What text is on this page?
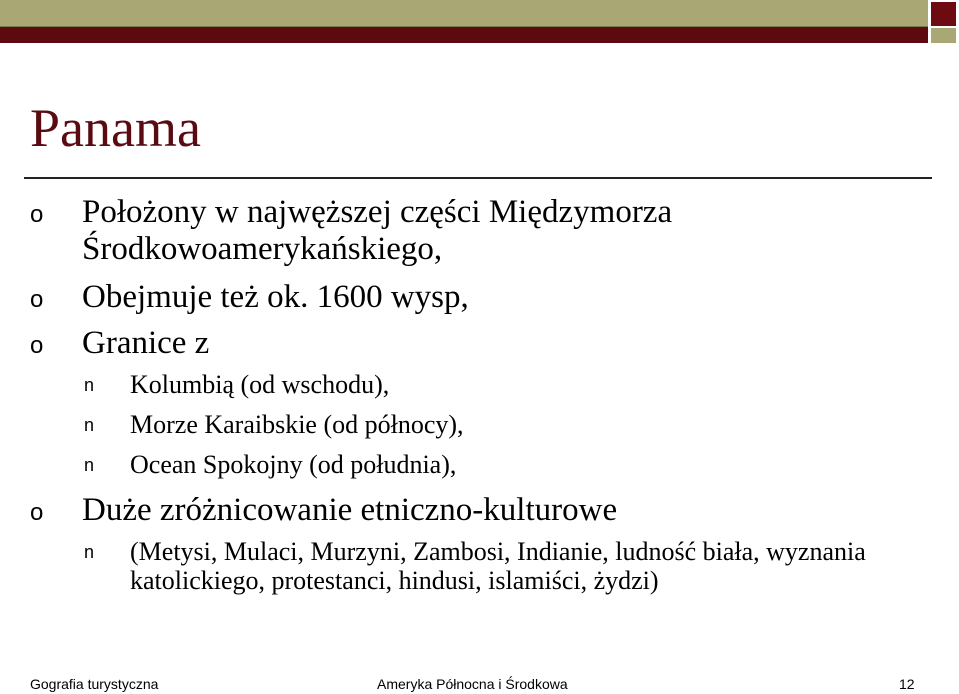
Panama
o Położony w najwęższej części Międzymorza Środkowoamerykańskiego,
o Obejmuje też ok. 1600 wysp,
o Granice z
n Kolumbią (od wschodu),
n Morze Karaibskie (od północy),
n Ocean Spokojny (od południa),
o Duże zróżnicowanie etniczno-kulturowe
n (Metysi, Mulaci, Murzyni, Zambosi, Indianie, ludność biała, wyznania katolickiego, protestanci, hindusi, islamiści, żydzi)
Gografia turystyczna	Ameryka Północna i Środkowa	12
